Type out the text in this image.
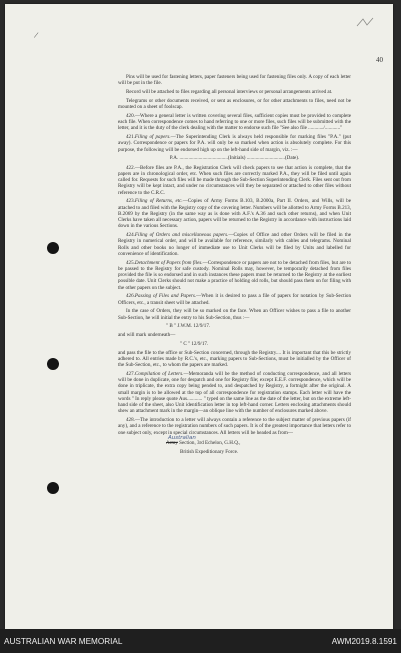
/
40

Pins will be used for fastening letters, paper fasteners being used for fastening files only. A copy of each letter will be put in the file.

Record will be attached to files regarding all personal interviews or personal arrangements arrived at.

Telegrams or other documents received, or sent as enclosures, or for other attachments to files, need not be mounted on a sheet of foolscap.

420.—Where a general letter is written covering several files, sufficient copies must be provided to complete each file. When correspondence comes to hand referring to one or more files, such files will be submitted with the letter, and it is the duty of the clerk dealing with the matter to endorse such file "See also file ............/............"

421.Filing of papers.—The Superintending Clerk is always held responsible for marking files "P.A." (put away). Correspondence or papers for P.A. will only be so marked when action is absolutely complete. For this purpose, the following will be endorsed high up on the left-hand side of margin, viz. :—

P.A. ......................................(Initials) ..............................(Date).

422.—Before files are P.A., the Registration Clerk will check papers to see that action is complete, that the papers are in chronological order, etc. When such files are correctly marked P.A., they will be filed until again called for. Requests for such files will be made through the Sub-Section Superintending Clerk. Files sent out from Registry will be kept intact, and under no circumstances will they be separated or attached to other files without reference to the C.R.C.

423.Filing of Returns, etc.—Copies of Army Forms B.103, B.2000a, Part II. Orders, and Wills, will be attached to and filed with the Registry copy of the covering letter. Numbers will be allotted to Army Forms B.213, B.2069 by the Registry (in the same way as is done with A.F.'s A.36 and such other returns), and when Unit Clerks have taken all necessary action, papers will be returned to the Registry in accordance with instructions laid down in the various Sections.

424.Filing of Orders and miscellaneous papers.—Copies of Office and other Orders will be filed in the Registry in numerical order, and will be available for reference, similarly with cables and telegrams. Nominal Rolls and other books no longer of immediate use to Unit Clerks will be filed by Units and labelled for convenience of identification.

425.Detachment of Papers from files.—Correspondence or papers are not to be detached from files, but are to be passed to the Registry for safe custody. Nominal Rolls may, however, be temporarily detached from files provided the file is so endorsed and in such instances these papers must be returned to the Registry at the earliest possible date. Unit Clerks should not make a practice of holding old rolls, but should pass them on for filing with the other papers on the subject.

426.Passing of Files and Papers.—When it is desired to pass a file of papers for notation by Sub-Section Officers, etc., a transit sheet will be attached.

In the case of Orders, they will be so marked on the face. When an Officer wishes to pass a file to another Sub-Section, he will initial the entry to his Sub-Section, thus :—

" B " J.W.M. 12/9/17.

and will mark underneath—

" C " 12/9/17.

and pass the file to the office or Sub-Section concerned, through the Registry.... It is important that this be strictly adhered to. All entries made by R.C.'s, etc., marking papers to Sub-Sections, must be initialled by the Officer of the Sub-Section, etc., to whom the papers are marked.

427.Compilation of Letters.—Memoranda will be the method of conducting correspondence, and all letters will be done in duplicate, one for despatch and one for Registry file; except E.E.F. correspondence, which will be done in triplicate, the extra copy being pended to, and despatched by Registry, a fortnight after the original. A small margin is to be allowed at the top of all correspondence for registration stamps. Each letter will have the words " In reply please quote Aus............ " typed on the same line as the date of the letter, but on the extreme left-hand side of the sheet, also Unit identification letter in top left-hand corner. Letters enclosing attachments should shew an attachment mark in the margin—an oblique line with the number of enclosures marked above.

428.—The introduction to a letter will always contain a reference to the subject matter of previous papers (if any), and a reference to the registration numbers of such papers. It is of the greatest importance that letters refer to one subject only, except in special circumstances. All letters will be headed as from—

Australian
Army Section, 3rd Echelon, G.H.Q.,

British Expeditionary Force.

AUSTRALIAN WAR MEMORIAL	AWM2019.8.1591
